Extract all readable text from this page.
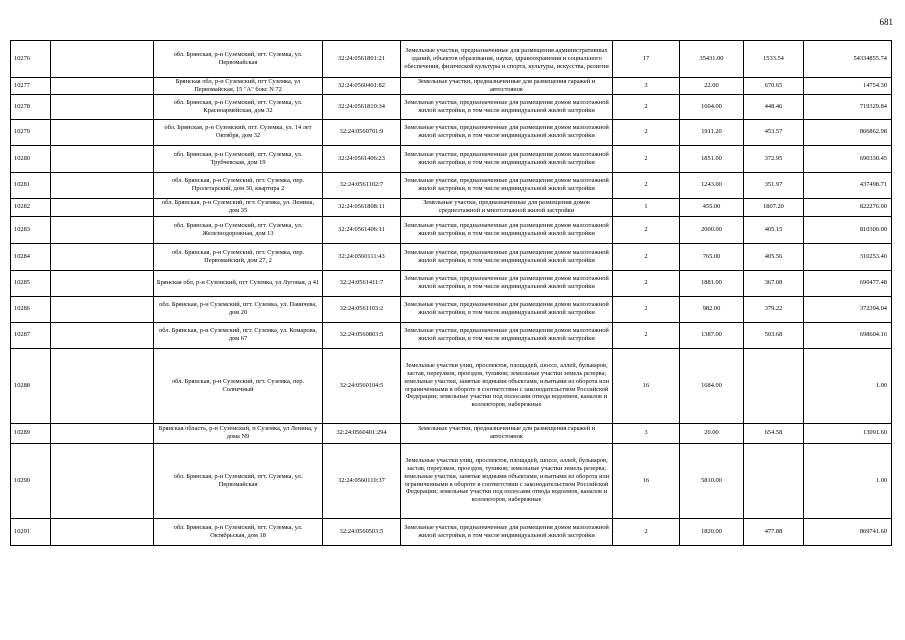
681
10276		обл. Брянская, р-н Суземский, пгт. Суземка, ул. Первомайская	32:24:0561801:21	Земельные участки, предназначенные для размещения административных зданий, объектов образования, науки, здравоохранения и социального обеспечения, физической культуры и спорта, культуры, искусства, религии	17	35431.00	1533.54	54334855.74
10277		Брянская обл, р-н Суземский, пгт Суземка, ул Первомайская, 15 "А" бокс N 72	32:24:0560401:82	Земельные участки, предназначенные для размещения гаражей и автостоянок	3	22.00	670.65	14754.30
10278		обл. Брянская, р-н Суземский, пгт. Суземка, ул. Красноармейская, дом 32	32:24:0561810:34	Земельные участки, предназначенные для размещения домов малоэтажной жилой застройки, в том числе индивидуальной жилой застройки	2	1604.00	448.46	719329.84
10279		обл. Брянская, р-н Суземский, пгт. Суземка, ул. 14 лет Октября, дом 32	32:24:0560701:9	Земельные участки, предназначенные для размещения домов малоэтажной жилой застройки, в том числе индивидуальной жилой застройки	2	1911.20	453.57	866862.98
10280		обл. Брянская, р-н Суземский, пгт. Суземка, ул. Трубчевская, дом 19	32:24:0561406:23	Земельные участки, предназначенные для размещения домов малоэтажной жилой застройки, в том числе индивидуальной жилой застройки	2	1851.00	372.95	690330.45
10281		обл. Брянская, р-н Суземский, пгт. Суземка, пер. Пролетарский, дом 30, квартира 2	32:24:0561102:7	Земельные участки, предназначенные для размещения домов малоэтажной жилой застройки, в том числе индивидуальной жилой застройки	2	1243.00	351.97	437498.71
10282		обл. Брянская, р-н Суземский, пгт. Суземка, ул. Ленина, дом 35	32:24:0561808:11	Земельные участки, предназначенные для размещения домов среднеэтажной и многоэтажной жилой застройки	1	455.00	1807.20	822276.00
10283		обл. Брянская, р-н Суземский, пгт. Суземка, ул. Железнодорожная, дом 13	32:24:0561406:11	Земельные участки, предназначенные для размещения домов малоэтажной жилой застройки, в том числе индивидуальной жилой застройки	2	2000.00	405.15	810300.00
10284		обл. Брянская, р-н Суземский, пгт. Суземка, пер. Первомайский, дом 27, 2	32:24:0560111:43	Земельные участки, предназначенные для размещения домов малоэтажной жилой застройки, в том числе индивидуальной жилой застройки	2	765.00	405.56	310253.40
10285		Брянская обл, р-н Суземский, пгт Суземка, ул Луговая, д 41	32:24:0561411:7	Земельные участки, предназначенные для размещения домов малоэтажной жилой застройки, в том числе индивидуальной жилой застройки	2	1881.00	367.08	690477.48
10286		обл. Брянская, р-н Суземский, пгт. Суземка, ул. Павичева, дом 20	32:24:0561103:2	Земельные участки, предназначенные для размещения домов малоэтажной жилой застройки, в том числе индивидуальной жилой застройки	2	982.00	379.22	372394.04
10287		обл. Брянская, р-н Суземский, пгт. Суземка, ул. Комарова, дом 67	32:24:0560803:5	Земельные участки, предназначенные для размещения домов малоэтажной жилой застройки, в том числе индивидуальной жилой застройки	2	1387.00	503.68	698604.16
10288		обл. Брянская, р-н Суземский, пгт. Суземка, пер. Солнечный	32:24:0560104:5	Земельные участки улиц, проспектов, площадей, шоссе, аллей, бульваров, застав, переулков, проездов, тупиков; земельные участки земель резерва; земельные участки, занятые водными объектами, изъятыми из оборота или ограниченными в обороте в соответствии с законодательством Российской Федерации; земельные участки под полосами отвода водоемов, каналов и коллекторов, набережные	16	1684.00		1.00
10289		Брянская область, р-н Суземский, п Суземка, ул Ленина, у дома N9	32:24:0560401:294	Земельные участки, предназначенные для размещения гаражей и автостоянок	3	20.00	654.58	13091.60
10290		обл. Брянская, р-н Суземский, пгт. Суземка, ул. Первомайская	32:24:0560110:37	Земельные участки улиц, проспектов, площадей, шоссе, аллей, бульваров, застав, переулков, проездов, тупиков; земельные участки земель резерва; земельные участки, занятые водными объектами, изъятыми из оборота или ограниченными в обороте в соответствии с законодательством Российской Федерации; земельные участки под полосами отвода водоемов, каналов и коллекторов, набережные	16	5810.00		1.00
10291		обл. Брянская, р-н Суземский, пгт. Суземка, ул. Октябрьская, дом 18	32:24:0560503:5	Земельные участки, предназначенные для размещения домов малоэтажной жилой застройки, в том числе индивидуальной жилой застройки	2	1820.00	477.88	869741.60
